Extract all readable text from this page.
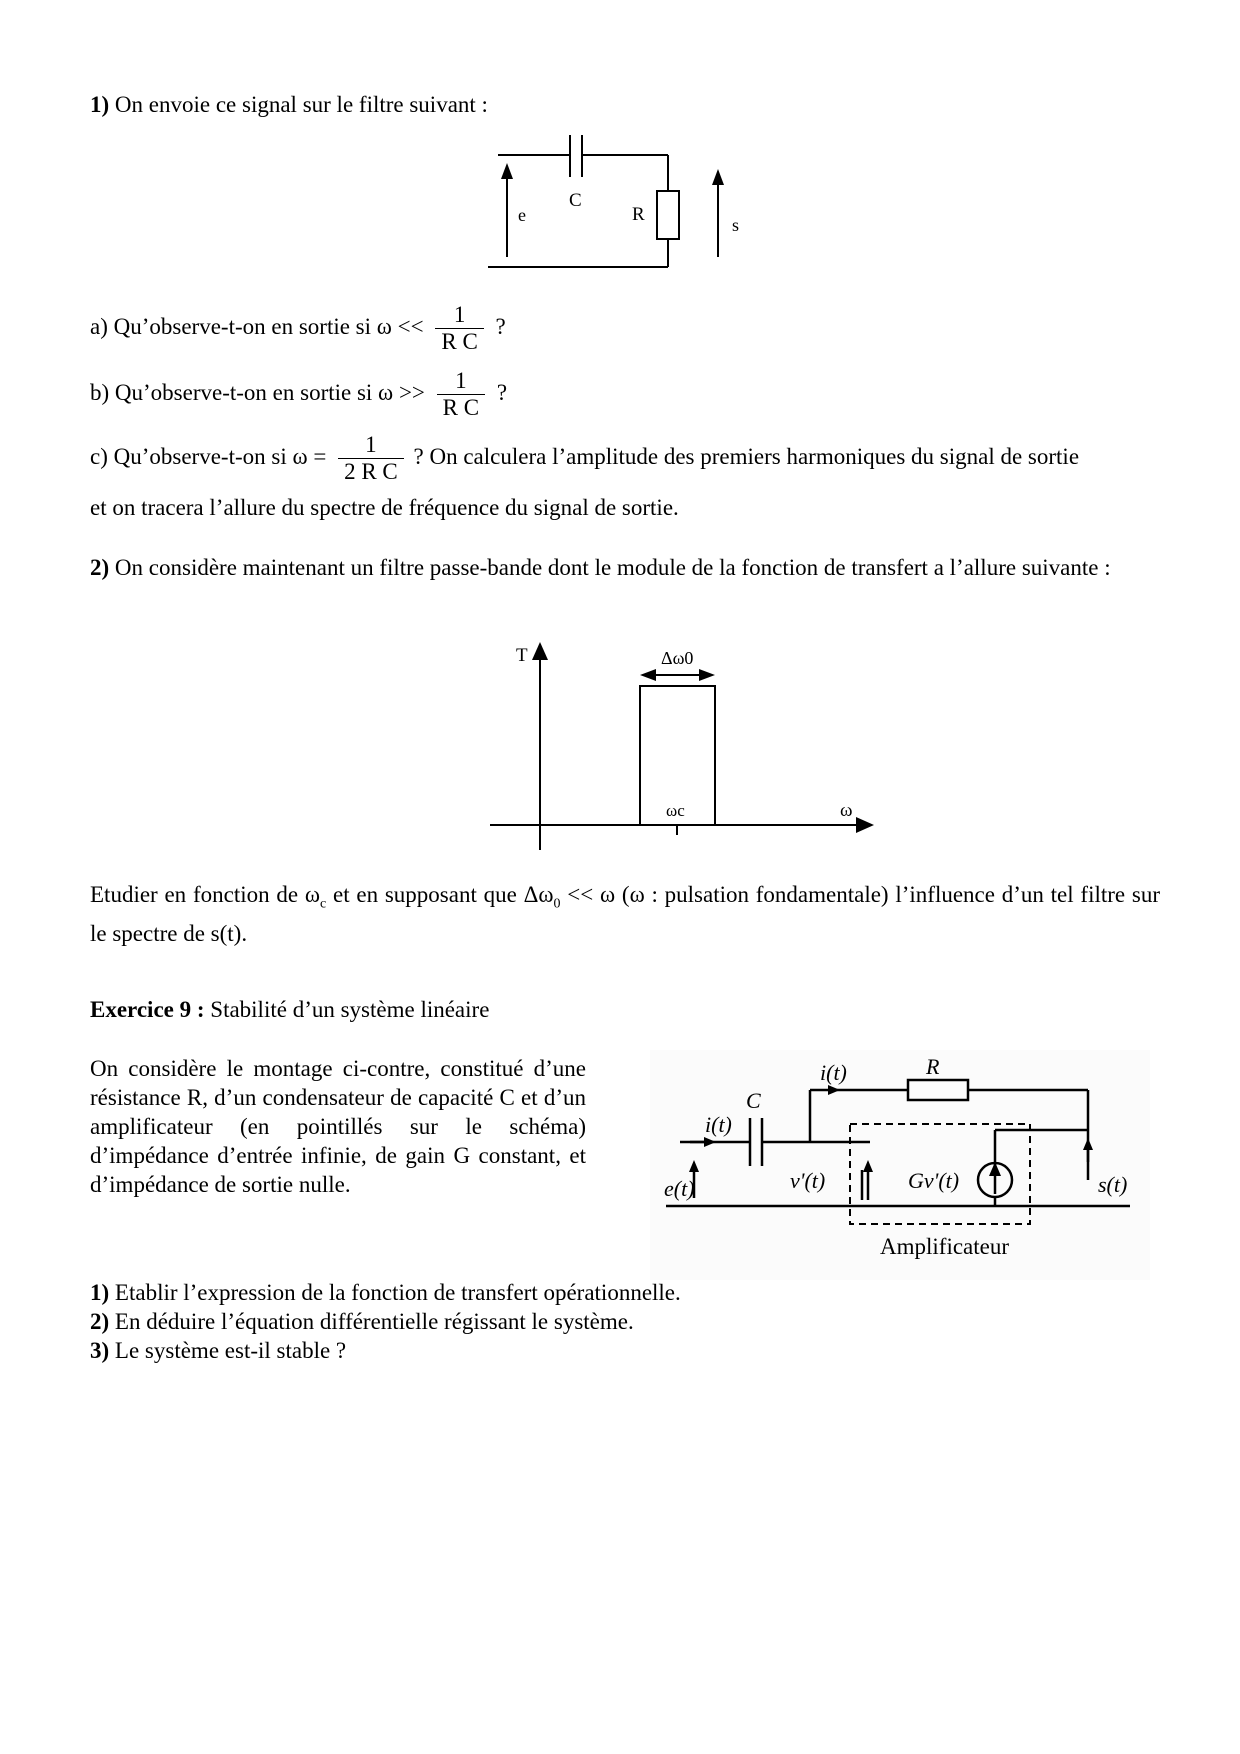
1) On envoie ce signal sur le filtre suivant :
e
C
R	s
a) Qu’observe-t-on en sortie si $\omega << \frac{1}{\text{R C}}$ ?
b) Qu’observe-t-on en sortie si $\omega >> \frac{1}{\text{R C}}$ ?
c) Qu’observe-t-on si $\omega = \frac{1}{\text{2 R C}}$ ? On calculera l’amplitude des premiers harmoniques du signal de sortie
et on tracera l’allure du spectre de fréquence du signal de sortie.
2) On considère maintenant un filtre passe-bande dont le module de la fonction de transfert a l’allure suivante :
T	Δω0
ωc	ω
Etudier en fonction de $\omega_c$ et en supposant que $\Delta\omega_0 << \omega$ (ω : pulsation fondamentale) l’influence d’un tel filtre sur le spectre de s(t).
Exercice 9 : Stabilité d’un système linéaire
On considère le montage ci-contre, constitué d’une résistance R, d’un condensateur de capacité C et d’un amplificateur (en pointillés sur le schéma) d’impédance d’entrée infinie, de gain G constant, et d’impédance de sortie nulle.
i(t)	R
C
i(t)
e(t)	v'(t)	Gv'(t)	s(t)
Amplificateur
1) Etablir l’expression de la fonction de transfert opérationnelle.
2) En déduire l’équation différentielle régissant le système.
3) Le système est-il stable ?
